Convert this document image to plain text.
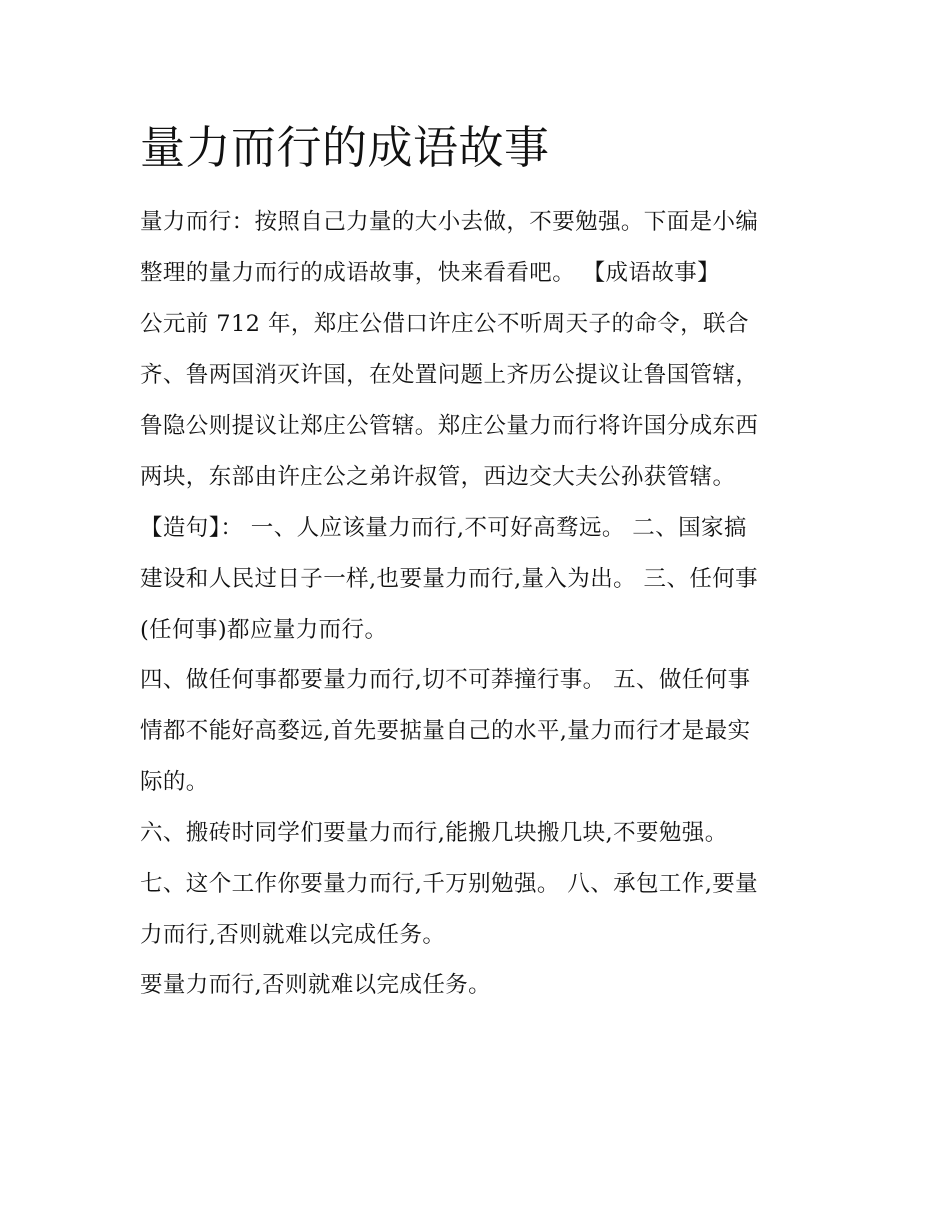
量力而行的成语故事

量力而行：按照自己力量的大小去做，不要勉强。下面是小编

整理的量力而行的成语故事，快来看看吧。 【成语故事】

公元前 712 年，郑庄公借口许庄公不听周天子的命令，联合

齐、鲁两国消灭许国，在处置问题上齐历公提议让鲁国管辖，

鲁隐公则提议让郑庄公管辖。郑庄公量力而行将许国分成东西

两块，东部由许庄公之弟许叔管，西边交大夫公孙获管辖。

【造句】： 一、人应该量力而行,不可好高骛远。 二、国家搞

建设和人民过日子一样,也要量力而行,量入为出。 三、任何事

(任何事)都应量力而行。

四、做任何事都要量力而行,切不可莽撞行事。 五、做任何事

情都不能好高婺远,首先要掂量自己的水平,量力而行才是最实

际的。

六、搬砖时同学们要量力而行,能搬几块搬几块,不要勉强。

七、这个工作你要量力而行,千万别勉强。 八、承包工作,要量

力而行,否则就难以完成任务。

要量力而行,否则就难以完成任务。
